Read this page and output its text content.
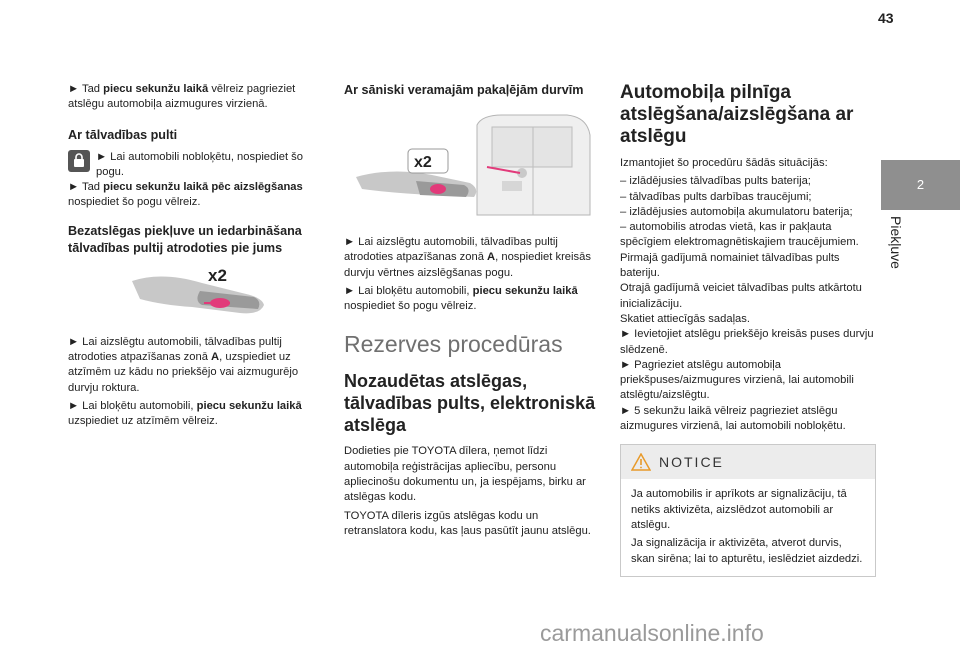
43
2
Piekļuve

► Tad piecu sekunžu laikā vēlreiz pagrieziet atslēgu automobiļa aizmugures virzienā.

Ar tālvadības pulti

► Lai automobili nobloķētu, nospiediet šo pogu.

► Tad piecu sekunžu laikā pēc aizslēgšanas nospiediet šo pogu vēlreiz.

Bezatslēgas piekļuve un iedarbināšana tālvadības pultij atrodoties pie jums
x2

► Lai aizslēgtu automobili, tālvadības pultij atrodoties atpazīšanas zonā A, uzspiediet uz atzīmēm uz kādu no priekšējo vai aizmugurējo durvju roktura.

► Lai bloķētu automobili, piecu sekunžu laikā uzspiediet uz atzīmēm vēlreiz.

Ar sāniski veramajām pakaļējām durvīm
x2

► Lai aizslēgtu automobili, tālvadības pultij atrodoties atpazīšanas zonā A, nospiediet kreisās durvju vērtnes aizslēgšanas pogu.

► Lai bloķētu automobili, piecu sekunžu laikā nospiediet šo pogu vēlreiz.

Rezerves procedūras
Nozaudētas atslēgas, tālvadības pults, elektroniskā atslēga

Dodieties pie TOYOTA dīlera, ņemot līdzi automobiļa reģistrācijas apliecību, personu apliecinošu dokumentu un, ja iespējams, birku ar atslēgas kodu.

TOYOTA dīleris izgūs atslēgas kodu un retranslatora kodu, kas ļaus pasūtīt jaunu atslēgu.

Automobiļa pilnīga atslēgšana/aizslēgšana ar atslēgu

Izmantojiet šo procedūru šādās situācijās:

– izlādējusies tālvadības pults baterija;

– tālvadības pults darbības traucējumi;

– izlādējusies automobiļa akumulatoru baterija;

– automobilis atrodas vietā, kas ir pakļauta spēcīgiem elektromagnētiskajiem traucējumiem.

Pirmajā gadījumā nomainiet tālvadības pults bateriju.

Otrajā gadījumā veiciet tālvadības pults atkārtotu inicializāciju.

Skatiet attiecīgās sadaļas.

► Ievietojiet atslēgu priekšējo kreisās puses durvju slēdzenē.

► Pagrieziet atslēgu automobiļa priekšpuses/aizmugures virzienā, lai automobili atslēgtu/aizslēgtu.

► 5 sekunžu laikā vēlreiz pagrieziet atslēgu aizmugures virzienā, lai automobili nobloķētu.

NOTICE

Ja automobilis ir aprīkots ar signalizāciju, tā netiks aktivizēta, aizslēdzot automobili ar atslēgu.

Ja signalizācija ir aktivizēta, atverot durvis, skan sirēna; lai to apturētu, ieslēdziet aizdedzi.

carmanualsonline.info
